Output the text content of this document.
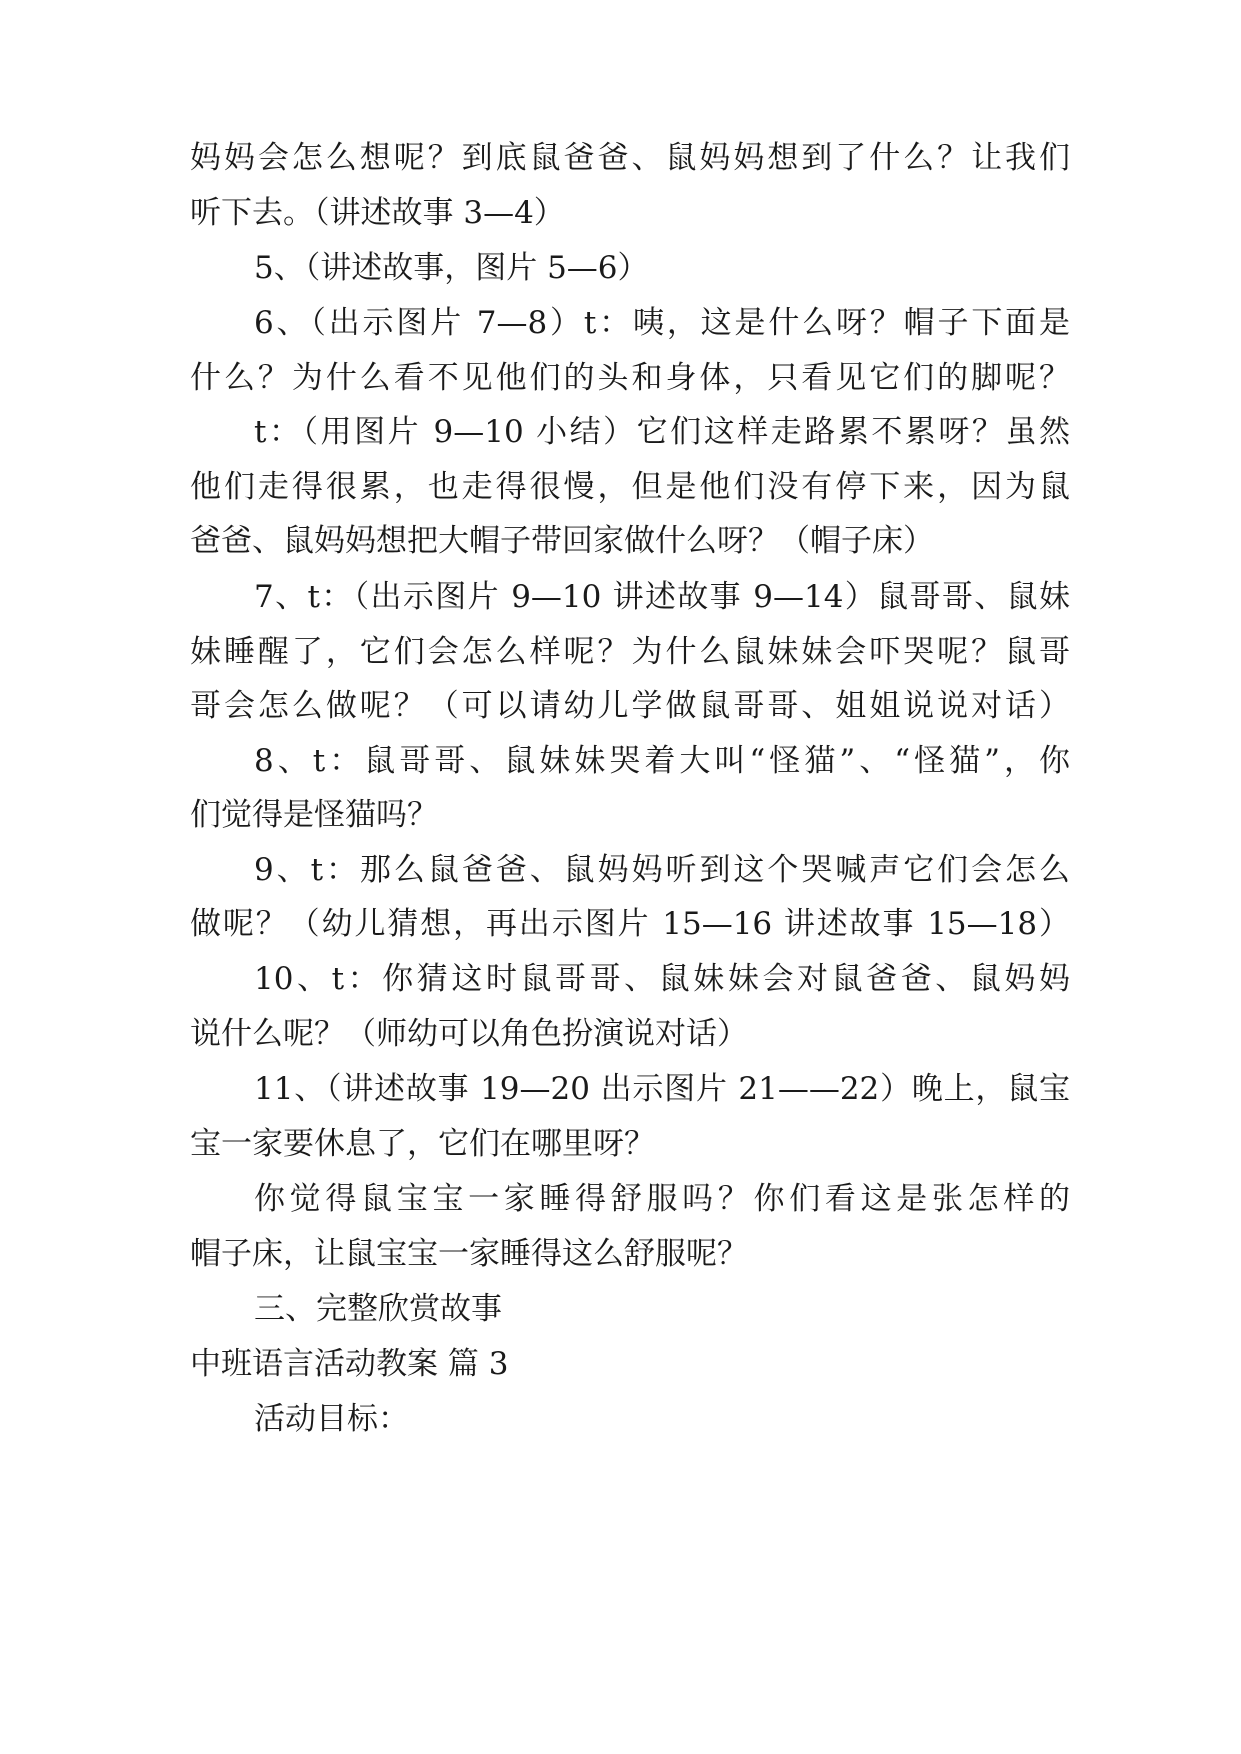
妈妈会怎么想呢？到底鼠爸爸、鼠妈妈想到了什么？让我们
听下去。（讲述故事 3—4）
5、（讲述故事，图片 5—6）
6、（出示图片 7—8）t：咦，这是什么呀？帽子下面是
什么？为什么看不见他们的头和身体，只看见它们的脚呢？
t：（用图片 9—10 小结）它们这样走路累不累呀？虽然
他们走得很累，也走得很慢，但是他们没有停下来，因为鼠
爸爸、鼠妈妈想把大帽子带回家做什么呀？（帽子床）
7、t：（出示图片 9—10 讲述故事 9—14）鼠哥哥、鼠妹
妹睡醒了，它们会怎么样呢？为什么鼠妹妹会吓哭呢？鼠哥
哥会怎么做呢？（可以请幼儿学做鼠哥哥、姐姐说说对话）
8、t：鼠哥哥、鼠妹妹哭着大叫“怪猫”、“怪猫”，你
们觉得是怪猫吗？
9、t：那么鼠爸爸、鼠妈妈听到这个哭喊声它们会怎么
做呢？（幼儿猜想，再出示图片 15—16 讲述故事 15—18）
10、t：你猜这时鼠哥哥、鼠妹妹会对鼠爸爸、鼠妈妈
说什么呢？（师幼可以角色扮演说对话）
11、（讲述故事 19—20 出示图片 21——22）晚上，鼠宝
宝一家要休息了，它们在哪里呀？
你觉得鼠宝宝一家睡得舒服吗？你们看这是张怎样的
帽子床，让鼠宝宝一家睡得这么舒服呢？
三、完整欣赏故事
中班语言活动教案 篇 3
活动目标：
